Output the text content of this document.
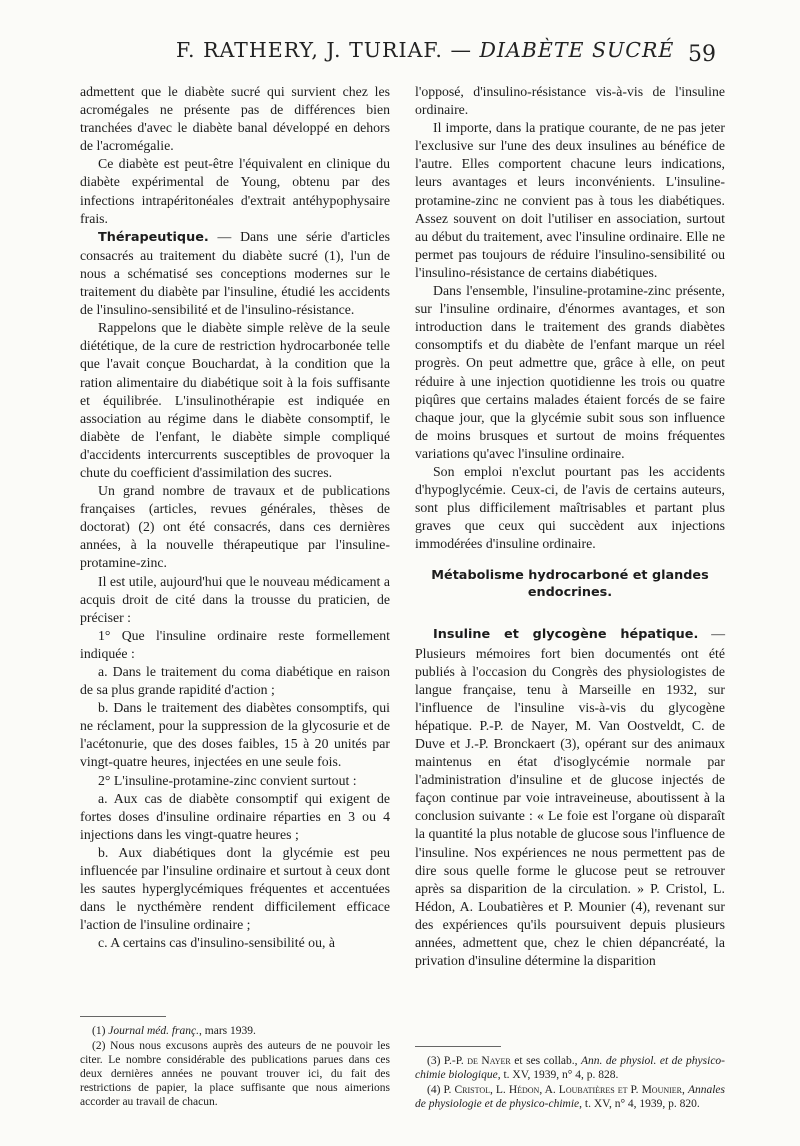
F. RATHERY, J. TURIAF. — DIABÈTE SUCRÉ 59

admettent que le diabète sucré qui survient chez les acromégales ne présente pas de différences bien tranchées d'avec le diabète banal développé en dehors de l'acromégalie.

Ce diabète est peut-être l'équivalent en clinique du diabète expérimental de Young, obtenu par des infections intrapéritonéales d'extrait antéhypophysaire frais.

Thérapeutique. — Dans une série d'articles consacrés au traitement du diabète sucré (1), l'un de nous a schématisé ses conceptions modernes sur le traitement du diabète par l'insuline, étudié les accidents de l'insulino-sensibilité et de l'insulino-résistance.

Rappelons que le diabète simple relève de la seule diététique, de la cure de restriction hydrocarbonée telle que l'avait conçue Bouchardat, à la condition que la ration alimentaire du diabétique soit à la fois suffisante et équilibrée. L'insulinothérapie est indiquée en association au régime dans le diabète consomptif, le diabète de l'enfant, le diabète simple compliqué d'accidents intercurrents susceptibles de provoquer la chute du coefficient d'assimilation des sucres.

Un grand nombre de travaux et de publications françaises (articles, revues générales, thèses de doctorat) (2) ont été consacrés, dans ces dernières années, à la nouvelle thérapeutique par l'insuline-protamine-zinc.

Il est utile, aujourd'hui que le nouveau médicament a acquis droit de cité dans la trousse du praticien, de préciser :

1° Que l'insuline ordinaire reste formellement indiquée :

a. Dans le traitement du coma diabétique en raison de sa plus grande rapidité d'action ;

b. Dans le traitement des diabètes consomptifs, qui ne réclament, pour la suppression de la glycosurie et de l'acétonurie, que des doses faibles, 15 à 20 unités par vingt-quatre heures, injectées en une seule fois.

2° L'insuline-protamine-zinc convient surtout :

a. Aux cas de diabète consomptif qui exigent de fortes doses d'insuline ordinaire réparties en 3 ou 4 injections dans les vingt-quatre heures ;

b. Aux diabétiques dont la glycémie est peu influencée par l'insuline ordinaire et surtout à ceux dont les sautes hyperglycémiques fréquentes et accentuées dans le nycthémère rendent difficilement efficace l'action de l'insuline ordinaire ;

c. A certains cas d'insulino-sensibilité ou, à

(1) Journal méd. franç., mars 1939.

(2) Nous nous excusons auprès des auteurs de ne pouvoir les citer. Le nombre considérable des publications parues dans ces deux dernières années ne pouvant trouver ici, du fait des restrictions de papier, la place suffisante que nous aimerions accorder au travail de chacun.

l'opposé, d'insulino-résistance vis-à-vis de l'insuline ordinaire.

Il importe, dans la pratique courante, de ne pas jeter l'exclusive sur l'une des deux insulines au bénéfice de l'autre. Elles comportent chacune leurs indications, leurs avantages et leurs inconvénients. L'insuline-protamine-zinc ne convient pas à tous les diabétiques. Assez souvent on doit l'utiliser en association, surtout au début du traitement, avec l'insuline ordinaire. Elle ne permet pas toujours de réduire l'insulino-sensibilité ou l'insulino-résistance de certains diabétiques.

Dans l'ensemble, l'insuline-protamine-zinc présente, sur l'insuline ordinaire, d'énormes avantages, et son introduction dans le traitement des grands diabètes consomptifs et du diabète de l'enfant marque un réel progrès. On peut admettre que, grâce à elle, on peut réduire à une injection quotidienne les trois ou quatre piqûres que certains malades étaient forcés de se faire chaque jour, que la glycémie subit sous son influence de moins brusques et surtout de moins fréquentes variations qu'avec l'insuline ordinaire.

Son emploi n'exclut pourtant pas les accidents d'hypoglycémie. Ceux-ci, de l'avis de certains auteurs, sont plus difficilement maîtrisables et partant plus graves que ceux qui succèdent aux injections immodérées d'insuline ordinaire.

Métabolisme hydrocarboné et glandes endocrines.

Insuline et glycogène hépatique. — Plusieurs mémoires fort bien documentés ont été publiés à l'occasion du Congrès des physiologistes de langue française, tenu à Marseille en 1932, sur l'influence de l'insuline vis-à-vis du glycogène hépatique. P.-P. de Nayer, M. Van Oostveldt, C. de Duve et J.-P. Bronckaert (3), opérant sur des animaux maintenus en état d'isoglycémie normale par l'administration d'insuline et de glucose injectés de façon continue par voie intraveineuse, aboutissent à la conclusion suivante : « Le foie est l'organe où disparaît la quantité la plus notable de glucose sous l'influence de l'insuline. Nos expériences ne nous permettent pas de dire sous quelle forme le glucose peut se retrouver après sa disparition de la circulation. » P. Cristol, L. Hédon, A. Loubatières et P. Mounier (4), revenant sur des expériences qu'ils poursuivent depuis plusieurs années, admettent que, chez le chien dépancréaté, la privation d'insuline détermine la disparition

(3) P.-P. de Nayer et ses collab., Ann. de physiol. et de physico-chimie biologique, t. XV, 1939, n° 4, p. 828.

(4) P. Cristol, L. Hédon, A. Loubatières et P. Mounier, Annales de physiologie et de physico-chimie, t. XV, n° 4, 1939, p. 820.
